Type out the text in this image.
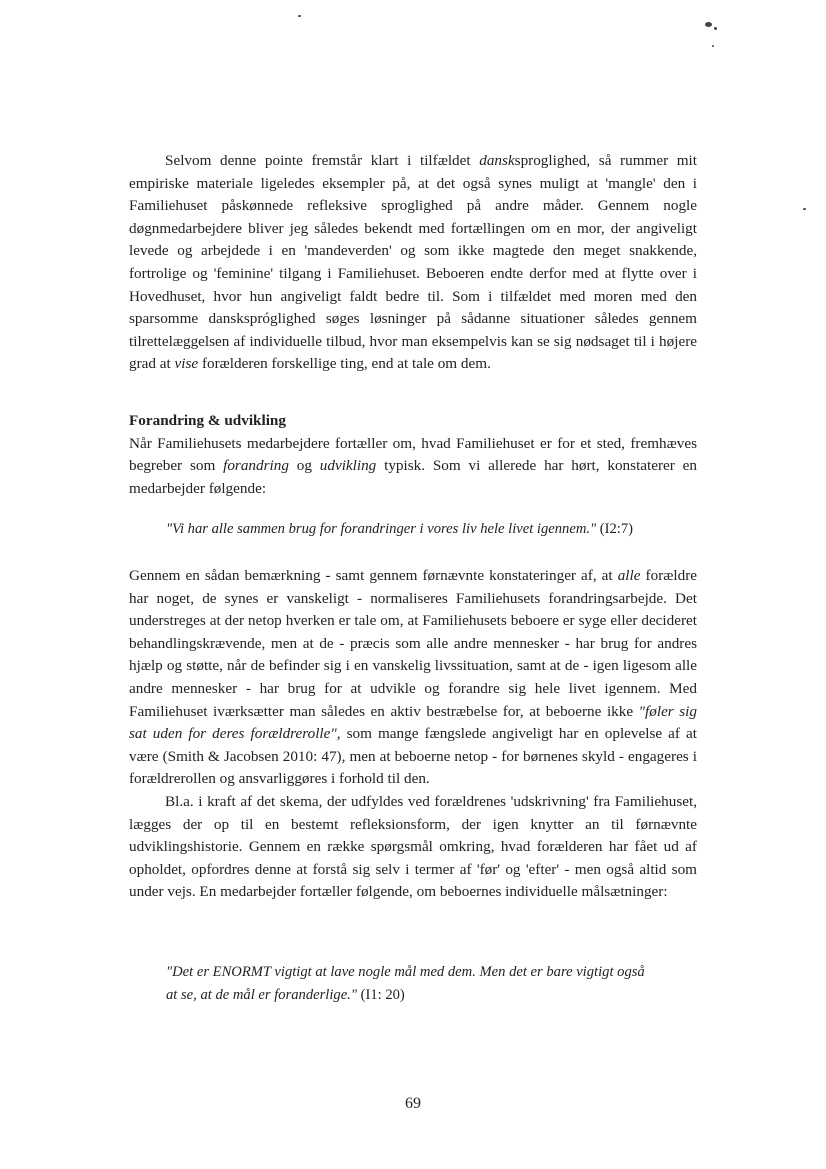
Selvom denne pointe fremstår klart i tilfældet dansksproglighed, så rummer mit empiriske materiale ligeledes eksempler på, at det også synes muligt at 'mangle' den i Familiehuset påskønnede refleksive sproglighed på andre måder. Gennem nogle døgnmedarbejdere bliver jeg således bekendt med fortællingen om en mor, der angiveligt levede og arbejdede i en 'mandeverden' og som ikke magtede den meget snakkende, fortrolige og 'feminine' tilgang i Familiehuset. Beboeren endte derfor med at flytte over i Hovedhuset, hvor hun angiveligt faldt bedre til. Som i tilfældet med moren med den sparsomme danskspróglighed søges løsninger på sådanne situationer således gennem tilrettelæggelsen af individuelle tilbud, hvor man eksempelvis kan se sig nødsaget til i højere grad at vise forælderen forskellige ting, end at tale om dem.

Forandring & udvikling

Når Familiehusets medarbejdere fortæller om, hvad Familiehuset er for et sted, fremhæves begreber som forandring og udvikling typisk. Som vi allerede har hørt, konstaterer en medarbejder følgende:

"Vi har alle sammen brug for forandringer i vores liv hele livet igennem." (I2:7)

Gennem en sådan bemærkning - samt gennem førnævnte konstateringer af, at alle forældre har noget, de synes er vanskeligt - normaliseres Familiehusets forandringsarbejde. Det understreges at der netop hverken er tale om, at Familiehusets beboere er syge eller decideret behandlingskrævende, men at de - præcis som alle andre mennesker - har brug for andres hjælp og støtte, når de befinder sig i en vanskelig livssituation, samt at de - igen ligesom alle andre mennesker - har brug for at udvikle og forandre sig hele livet igennem. Med Familiehuset iværksætter man således en aktiv bestræbelse for, at beboerne ikke "føler sig sat uden for deres forældrerolle", som mange fængslede angiveligt har en oplevelse af at være (Smith & Jacobsen 2010: 47), men at beboerne netop - for børnenes skyld - engageres i forældrerollen og ansvarliggøres i forhold til den.

Bl.a. i kraft af det skema, der udfyldes ved forældrenes 'udskrivning' fra Familiehuset, lægges der op til en bestemt refleksionsform, der igen knytter an til førnævnte udviklingshistorie. Gennem en række spørgsmål omkring, hvad forælderen har fået ud af opholdet, opfordres denne at forstå sig selv i termer af 'før' og 'efter' - men også altid som under vejs. En medarbejder fortæller følgende, om beboernes individuelle målsætninger:

"Det er ENORMT vigtigt at lave nogle mål med dem. Men det er bare vigtigt også
at se, at de mål er foranderlige." (I1: 20)
69
